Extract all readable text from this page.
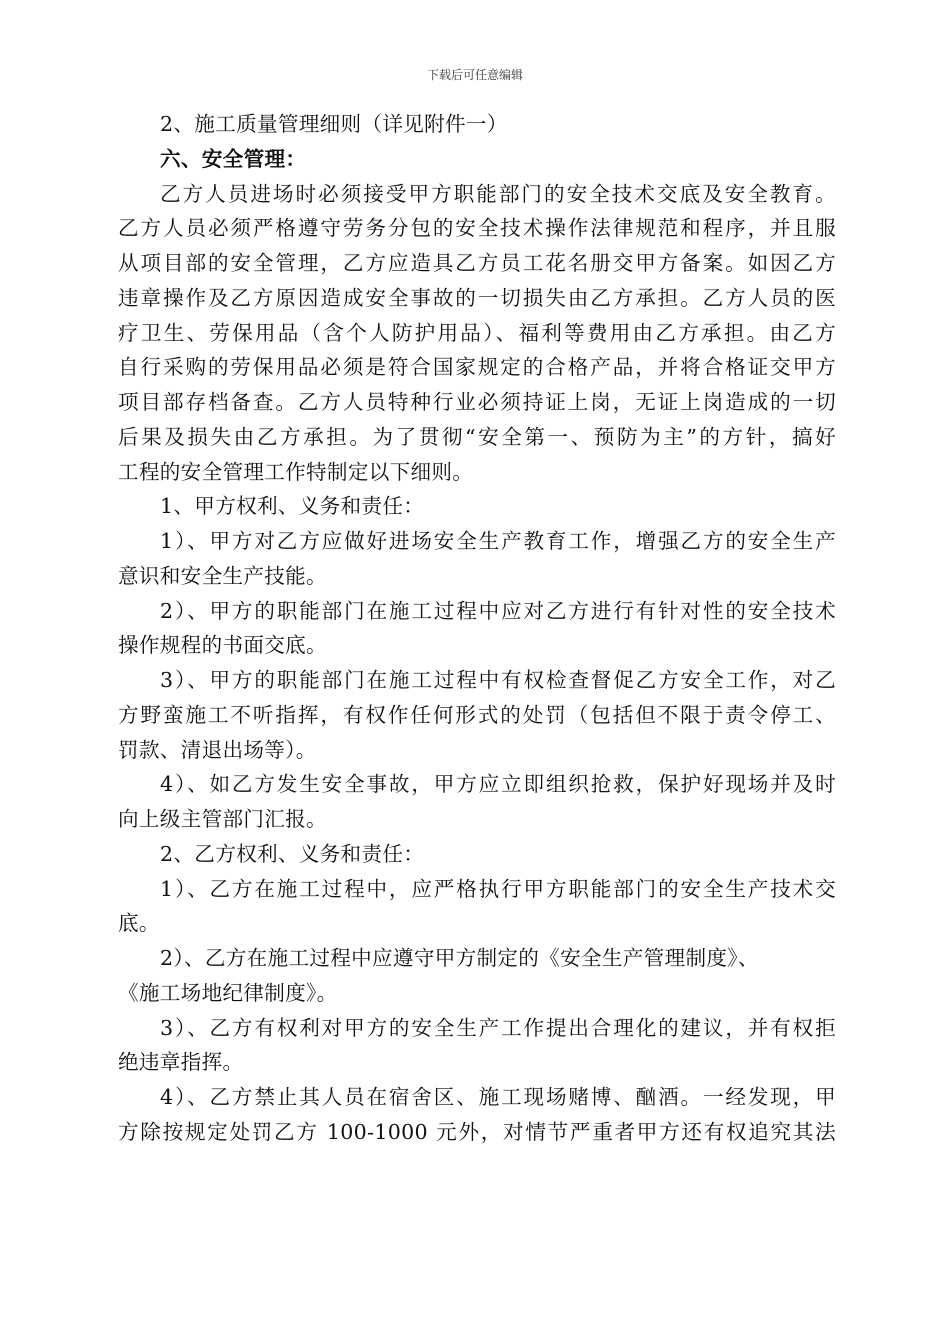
下载后可任意编辑
2、施工质量管理细则（详见附件一）
六、安全管理：
乙方人员进场时必须接受甲方职能部门的安全技术交底及安全教育。
乙方人员必须严格遵守劳务分包的安全技术操作法律规范和程序，并且服
从项目部的安全管理，乙方应造具乙方员工花名册交甲方备案。如因乙方
违章操作及乙方原因造成安全事故的一切损失由乙方承担。乙方人员的医
疗卫生、劳保用品（含个人防护用品）、福利等费用由乙方承担。由乙方
自行采购的劳保用品必须是符合国家规定的合格产品，并将合格证交甲方
项目部存档备查。乙方人员特种行业必须持证上岗，无证上岗造成的一切
后果及损失由乙方承担。为了贯彻“安全第一、预防为主”的方针，搞好
工程的安全管理工作特制定以下细则。
1、甲方权利、义务和责任：
1）、甲方对乙方应做好进场安全生产教育工作，增强乙方的安全生产
意识和安全生产技能。
2）、甲方的职能部门在施工过程中应对乙方进行有针对性的安全技术
操作规程的书面交底。
3）、甲方的职能部门在施工过程中有权检查督促乙方安全工作，对乙
方野蛮施工不听指挥，有权作任何形式的处罚（包括但不限于责令停工、
罚款、清退出场等）。
4）、如乙方发生安全事故，甲方应立即组织抢救，保护好现场并及时
向上级主管部门汇报。
2、乙方权利、义务和责任：
1）、乙方在施工过程中，应严格执行甲方职能部门的安全生产技术交
底。
2）、乙方在施工过程中应遵守甲方制定的《安全生产管理制度》、
《施工场地纪律制度》。
3）、乙方有权利对甲方的安全生产工作提出合理化的建议，并有权拒
绝违章指挥。
4）、乙方禁止其人员在宿舍区、施工现场赌博、酗酒。一经发现，甲
方除按规定处罚乙方 100-1000 元外，对情节严重者甲方还有权追究其法
